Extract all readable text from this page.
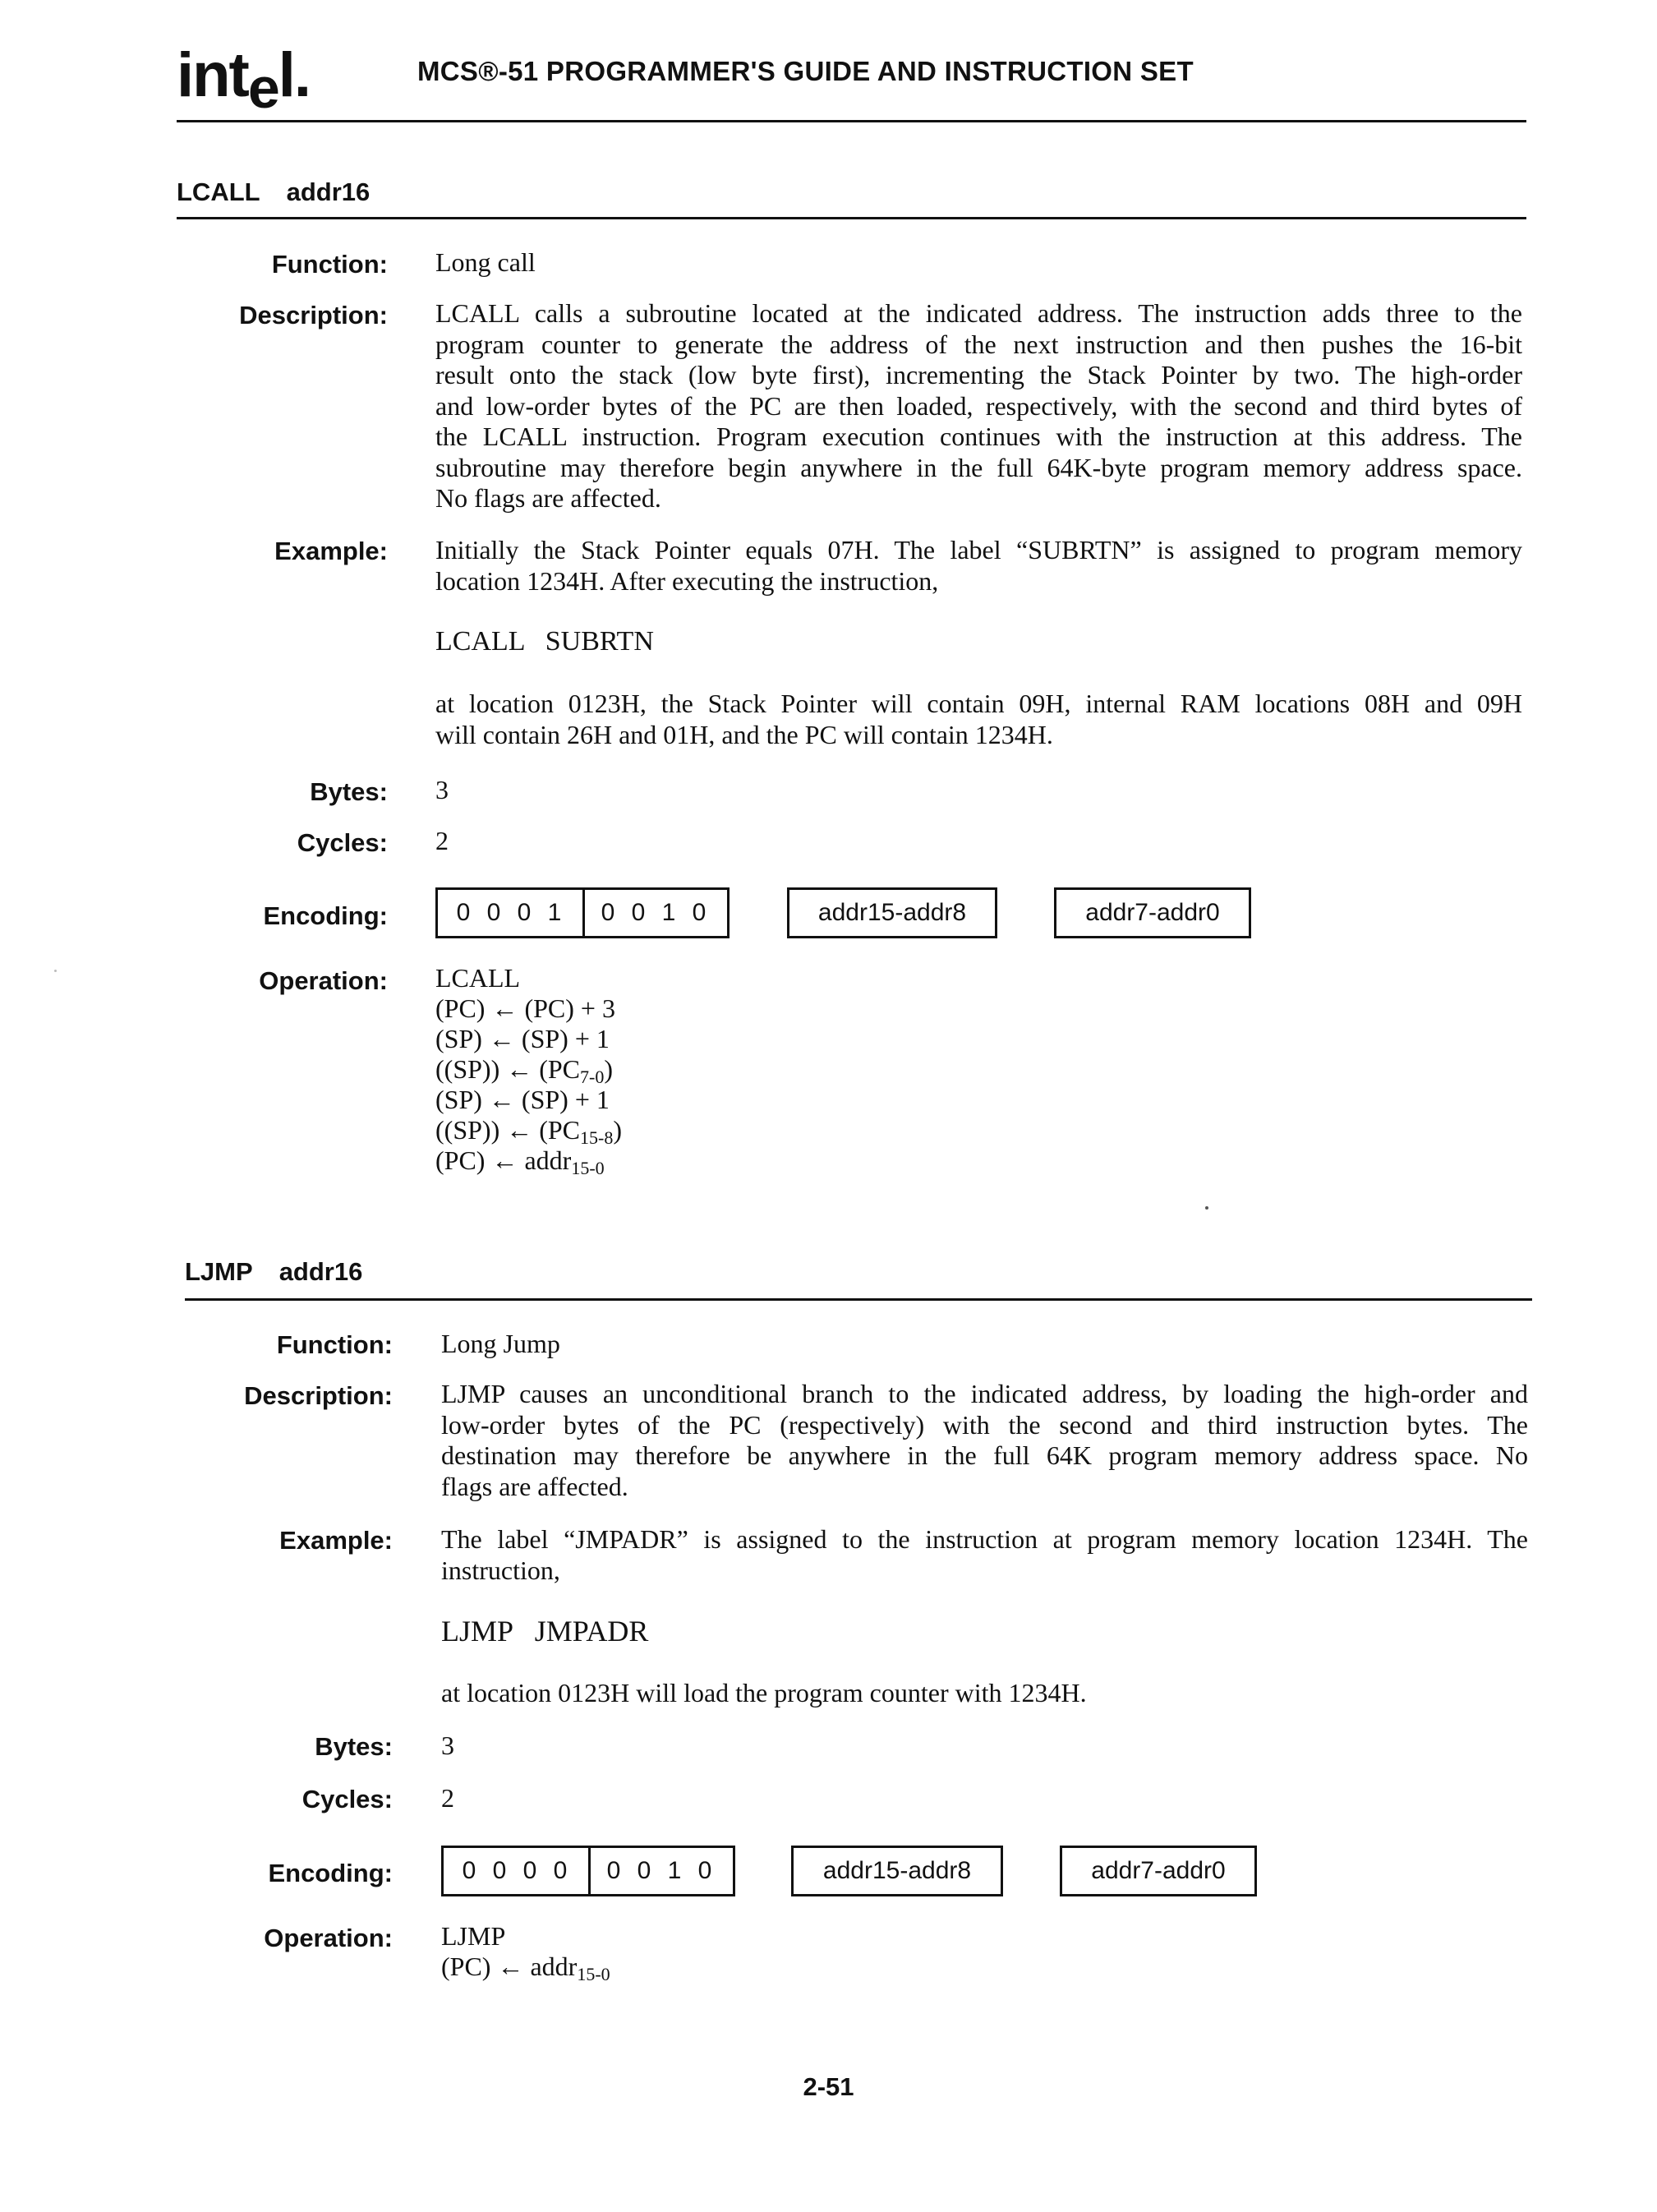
intel.	MCS®-51 PROGRAMMER'S GUIDE AND INSTRUCTION SET
LCALL addr16
Function: Long call
Description: LCALL calls a subroutine located at the indicated address. The instruction adds three to the
program counter to generate the address of the next instruction and then pushes the 16-bit
result onto the stack (low byte first), incrementing the Stack Pointer by two. The high-order
and low-order bytes of the PC are then loaded, respectively, with the second and third bytes of
the LCALL instruction. Program execution continues with the instruction at this address. The
subroutine may therefore begin anywhere in the full 64K-byte program memory address space.
No flags are affected.
Example: Initially the Stack Pointer equals 07H. The label “SUBRTN” is assigned to program memory
location 1234H. After executing the instruction,
LCALL   SUBRTN
at location 0123H, the Stack Pointer will contain 09H, internal RAM locations 08H and 09H
will contain 26H and 01H, and the PC will contain 1234H.
Bytes: 3
Cycles: 2
Encoding:	0 0 0 1	0 0 1 0	addr15-addr8	addr7-addr0
Operation: LCALL
(PC) ← (PC) + 3
(SP) ← (SP) + 1
((SP)) ← $(PC_{7-0})$
(SP) ← (SP) + 1
((SP)) ← $(PC_{15-8})$
(PC) ← addr$_{15-0}$
LJMP addr16
Function: Long Jump
Description: LJMP causes an unconditional branch to the indicated address, by loading the high-order and
low-order bytes of the PC (respectively) with the second and third instruction bytes. The
destination may therefore be anywhere in the full 64K program memory address space. No
flags are affected.
Example: The label “JMPADR” is assigned to the instruction at program memory location 1234H. The
instruction,
LJMP   JMPADR
at location 0123H will load the program counter with 1234H.
Bytes: 3
Cycles: 2
Encoding:	0 0 0 0	0 0 1 0	addr15-addr8	addr7-addr0
Operation: LJMP
(PC) ← addr$_{15-0}$
2-51
